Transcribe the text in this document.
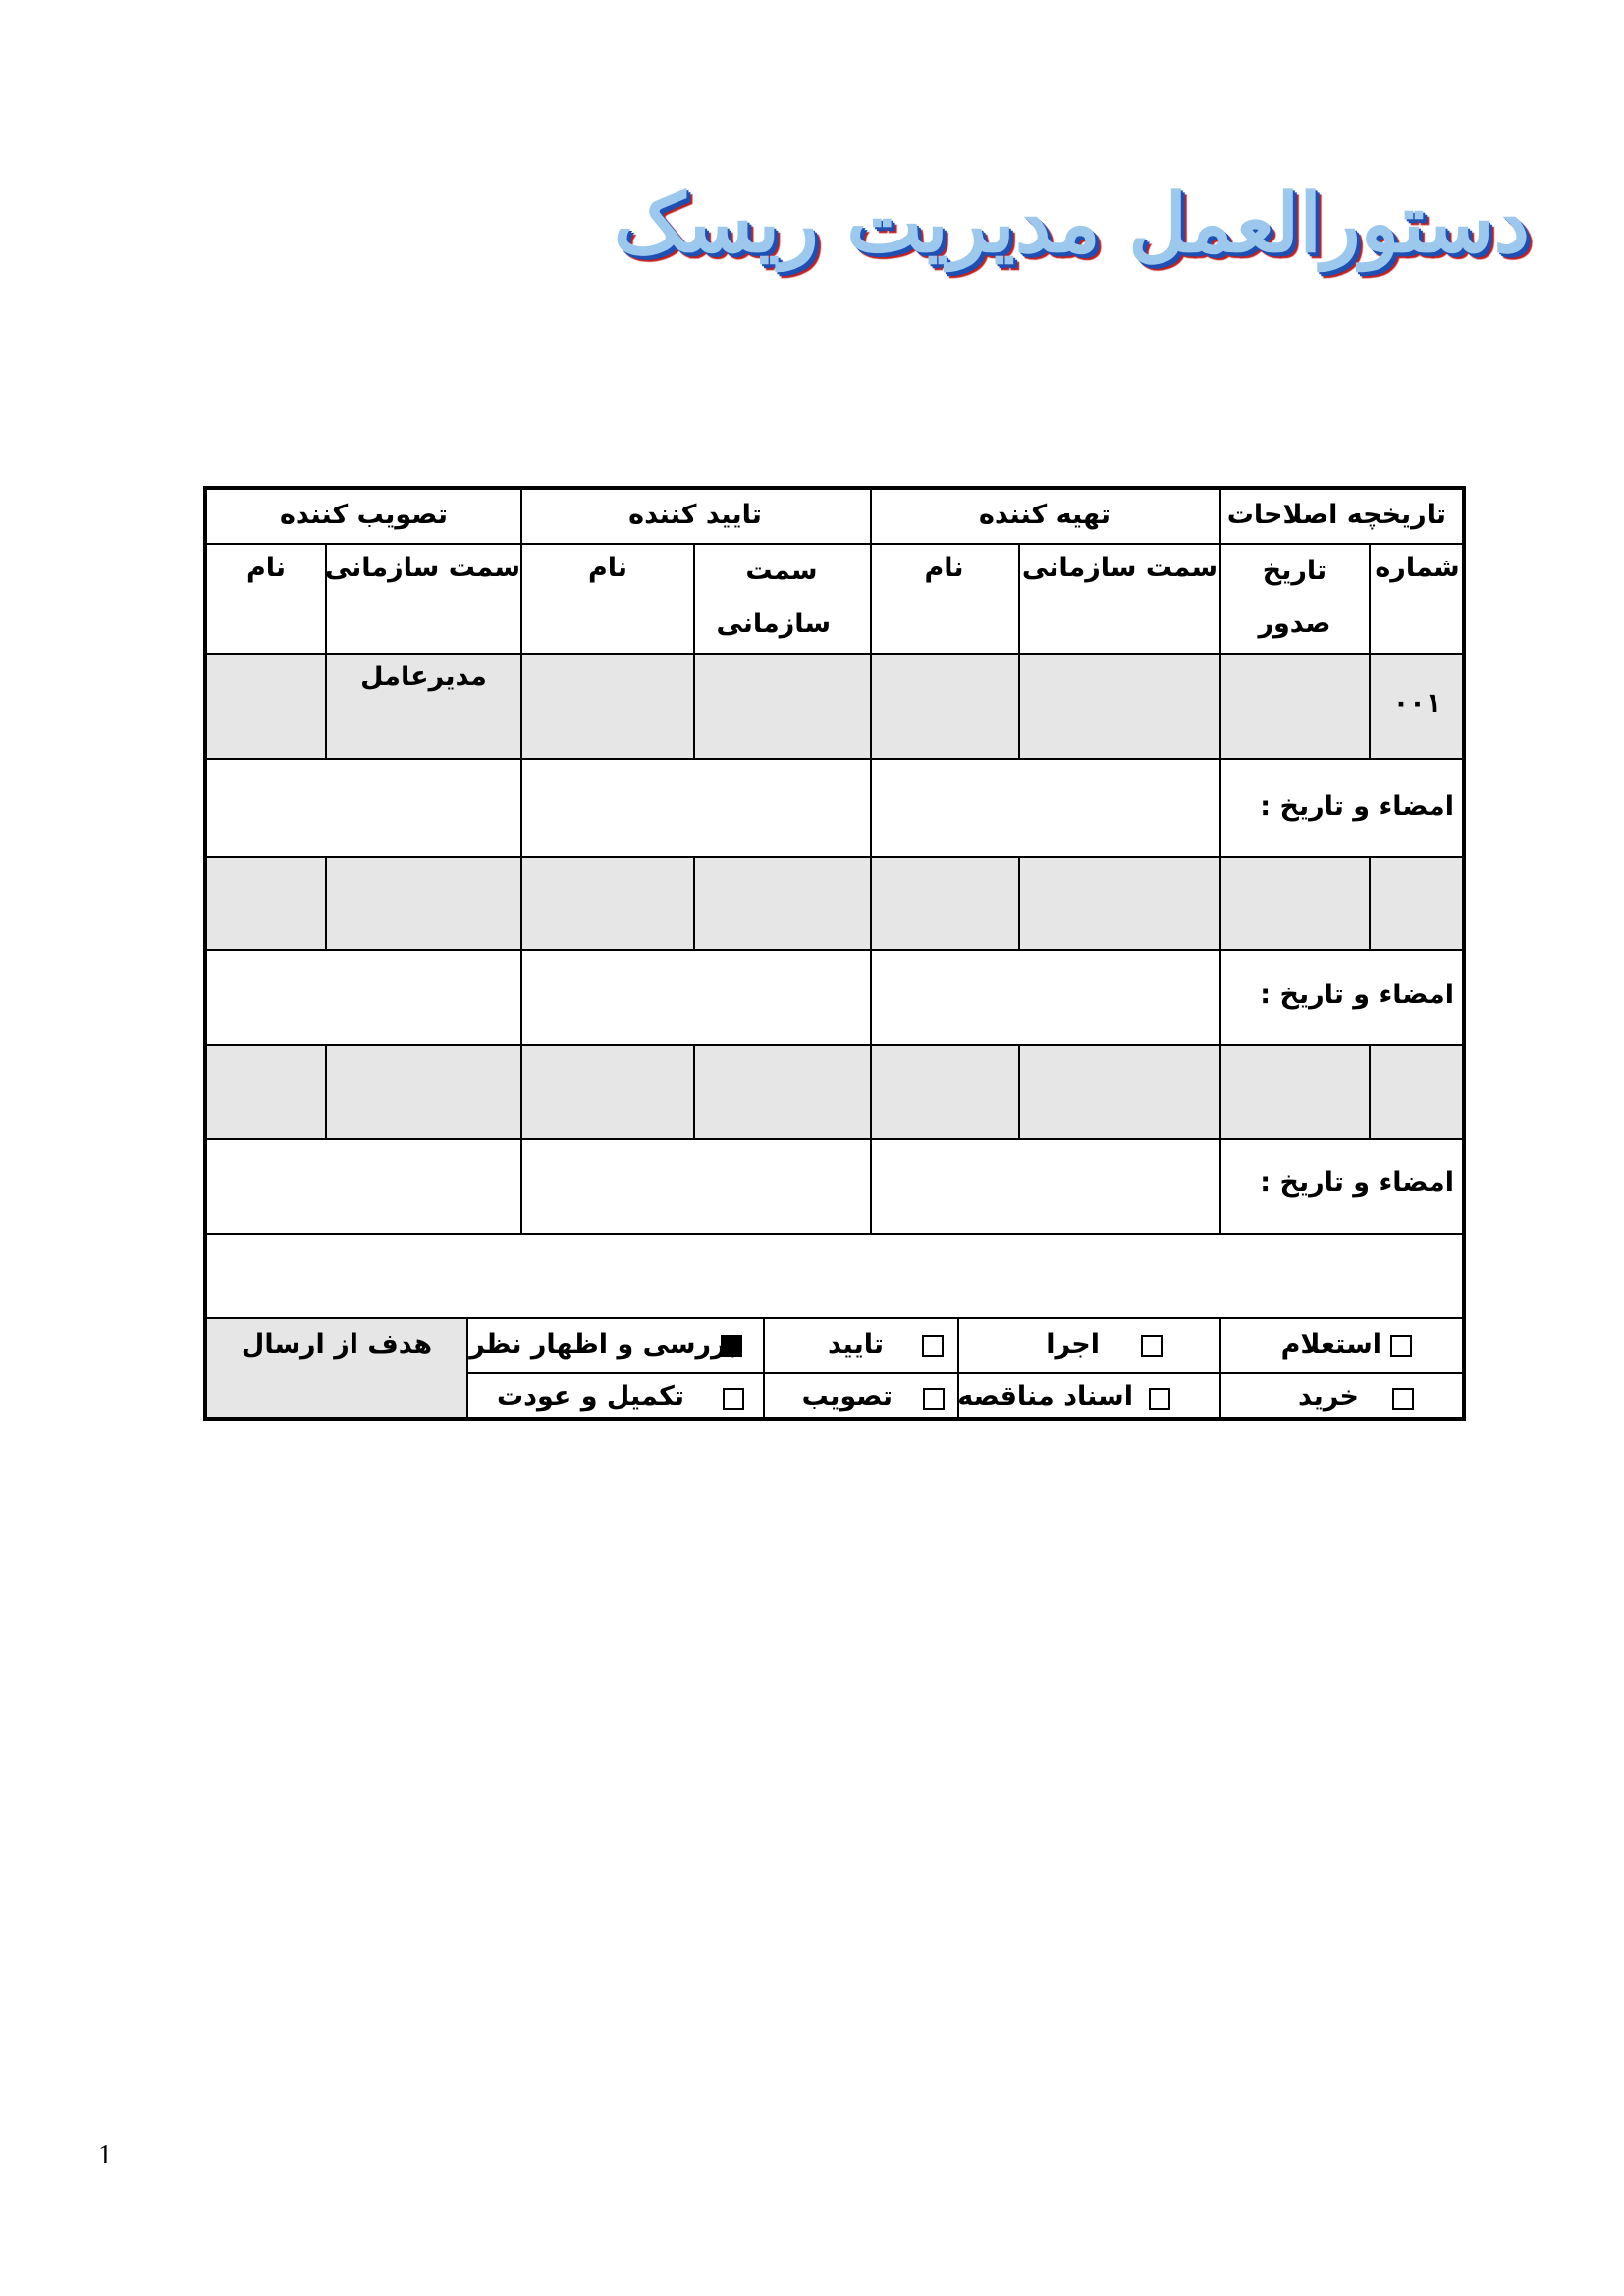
دستورالعمل مدیریت ریسک
تاریخچه اصلاحات
تهیه کننده
تایید کننده
تصویب کننده
شماره
تاریخ صدور
سمت سازمانی
نام
سمت سازمانی
نام
سمت سازمانی
نام
۰۰۱
مدیرعامل
امضاء و تاریخ :
امضاء و تاریخ :
امضاء و تاریخ :
هدف از ارسال	استعلام
اجرا
تایید
بررسی و اظهار نظر
خرید
اسناد مناقصه
تصویب
تکمیل و عودت
1
